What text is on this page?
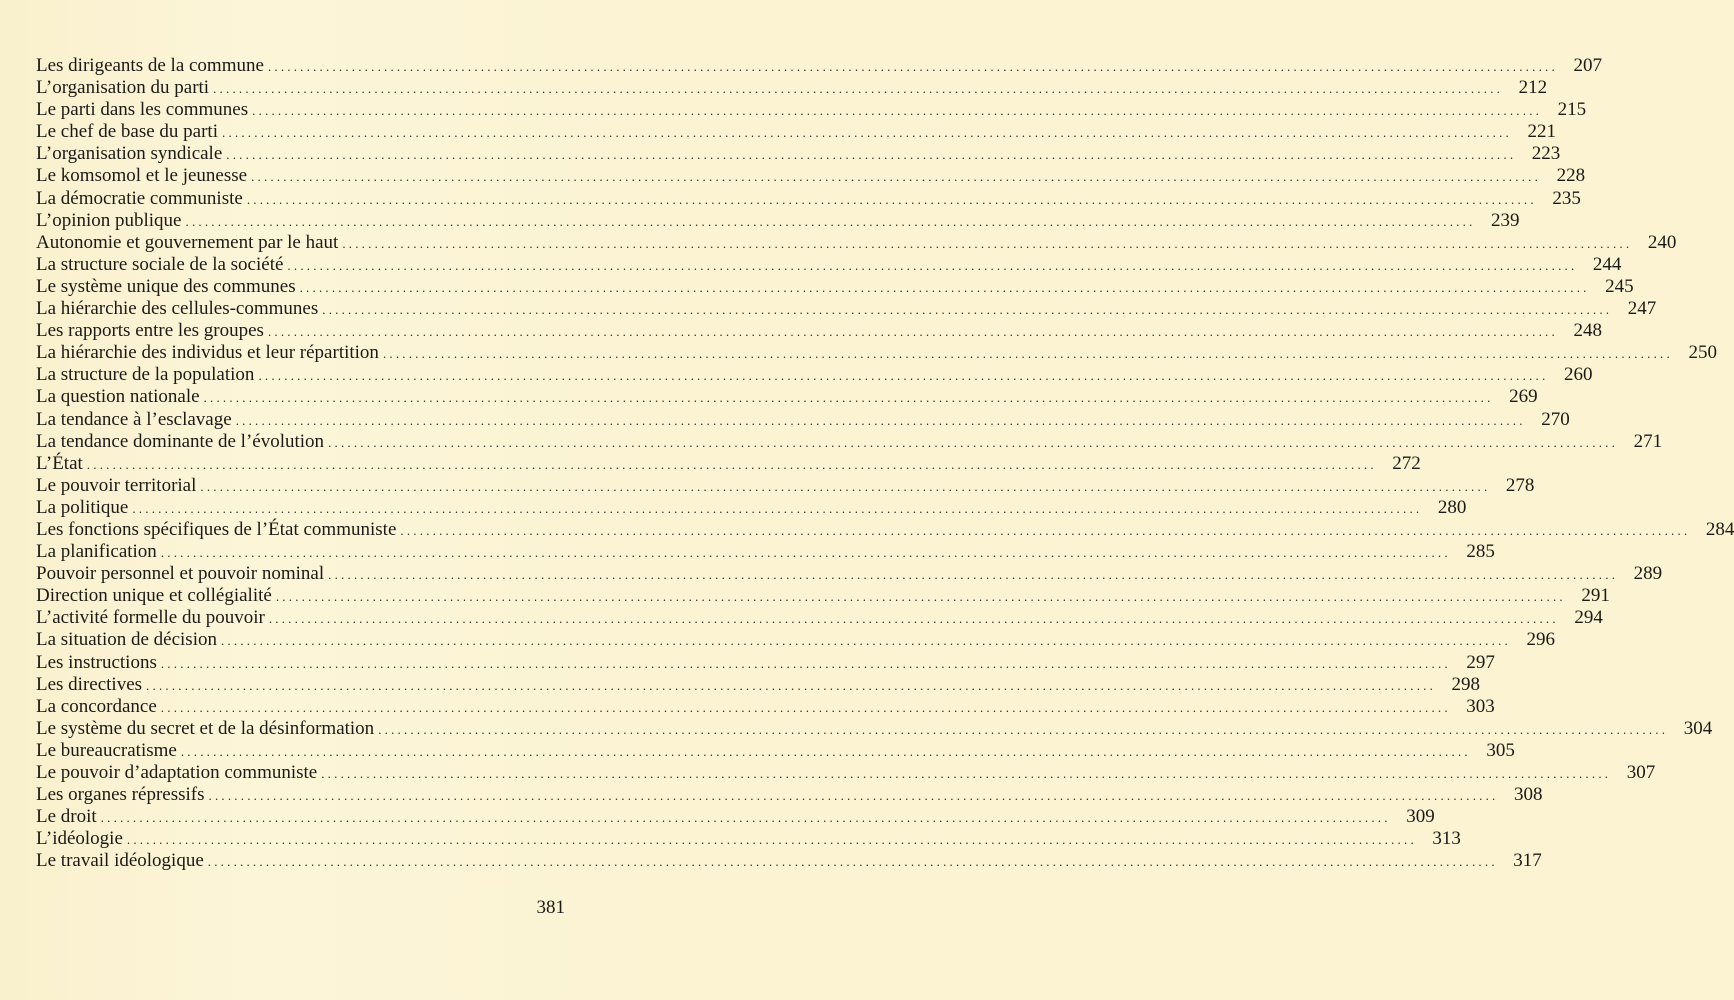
Les dirigeants de la commune ........................................................................................................................................................................................................ 207
L’organisation du parti ........................................................................................................................................................................................................ 212
Le parti dans les communes ........................................................................................................................................................................................................ 215
Le chef de base du parti ........................................................................................................................................................................................................ 221
L’organisation syndicale ........................................................................................................................................................................................................ 223
Le komsomol et le jeunesse ........................................................................................................................................................................................................ 228
La démocratie communiste ........................................................................................................................................................................................................ 235
L’opinion publique ........................................................................................................................................................................................................ 239
Autonomie et gouvernement par le haut ........................................................................................................................................................................................................ 240
La structure sociale de la société ........................................................................................................................................................................................................ 244
Le système unique des communes ........................................................................................................................................................................................................ 245
La hiérarchie des cellules-communes ........................................................................................................................................................................................................ 247
Les rapports entre les groupes ........................................................................................................................................................................................................ 248
La hiérarchie des individus et leur répartition ........................................................................................................................................................................................................ 250
La structure de la population ........................................................................................................................................................................................................ 260
La question nationale ........................................................................................................................................................................................................ 269
La tendance à l’esclavage ........................................................................................................................................................................................................ 270
La tendance dominante de l’évolution ........................................................................................................................................................................................................ 271
L’État ........................................................................................................................................................................................................ 272
Le pouvoir territorial ........................................................................................................................................................................................................ 278
La politique ........................................................................................................................................................................................................ 280
Les fonctions spécifiques de l’État communiste ........................................................................................................................................................................................................ 284
La planification ........................................................................................................................................................................................................ 285
Pouvoir personnel et pouvoir nominal ........................................................................................................................................................................................................ 289
Direction unique et collégialité ........................................................................................................................................................................................................ 291
L’activité formelle du pouvoir ........................................................................................................................................................................................................ 294
La situation de décision ........................................................................................................................................................................................................ 296
Les instructions ........................................................................................................................................................................................................ 297
Les directives ........................................................................................................................................................................................................ 298
La concordance ........................................................................................................................................................................................................ 303
Le système du secret et de la désinformation ........................................................................................................................................................................................................ 304
Le bureaucratisme ........................................................................................................................................................................................................ 305
Le pouvoir d’adaptation communiste ........................................................................................................................................................................................................ 307
Les organes répressifs ........................................................................................................................................................................................................ 308
Le droit ........................................................................................................................................................................................................ 309
L’idéologie ........................................................................................................................................................................................................ 313
Le travail idéologique ........................................................................................................................................................................................................ 317
381
